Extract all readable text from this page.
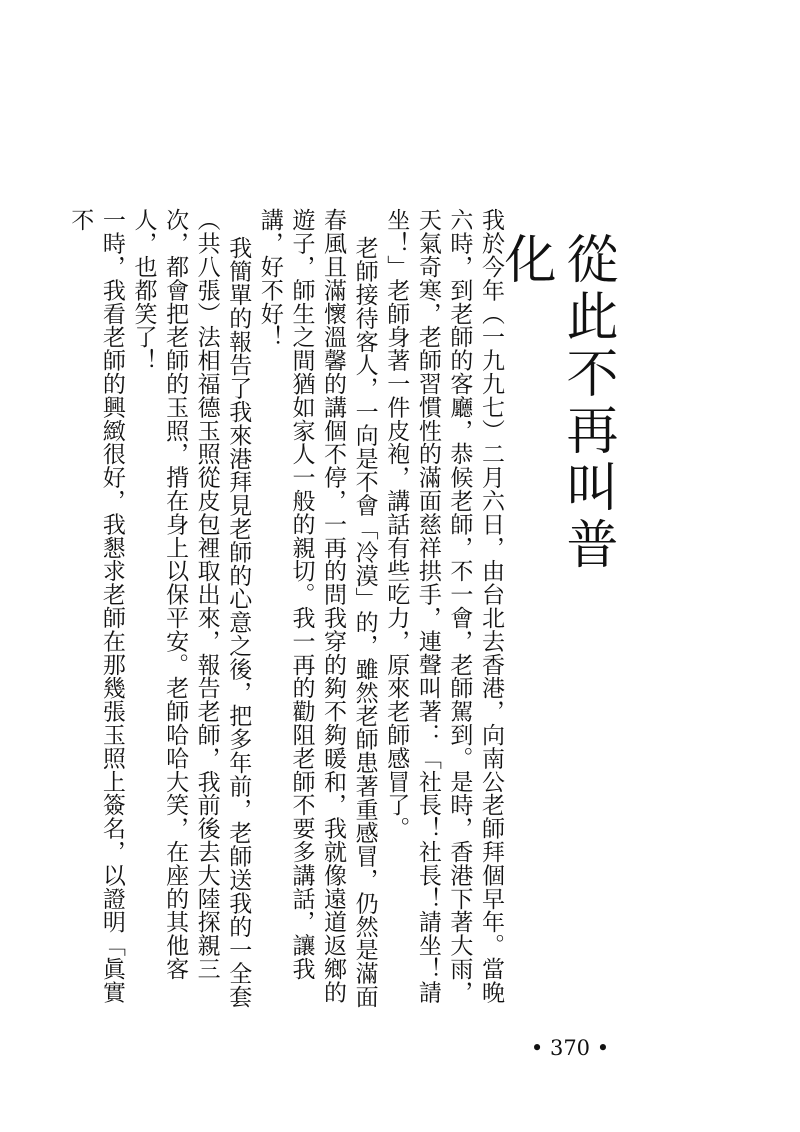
從此不再叫普化

我於今年（一九九七）二月六日，由台北去香港，向南公老師拜個早年。當晚六時，到老師的客廳，恭候老師，不一會，老師駕到。是時，香港下著大雨，天氣奇寒，老師習慣性的滿面慈祥拱手，連聲叫著：「社長！社長！請坐！請坐！」老師身著一件皮袍，講話有些吃力，原來老師感冒了。

老師接待客人，一向是不會「冷漠」的，雖然老師患著重感冒，仍然是滿面春風且滿懷溫馨的講個不停，一再的問我穿的夠不夠暖和，我就像遠道返鄉的遊子，師生之間猶如家人一般的親切。我一再的勸阻老師不要多講話，讓我講，好不好！

我簡單的報告了我來港拜見老師的心意之後，把多年前，老師送我的一全套（共八張）法相福德玉照從皮包裡取出來，報告老師，我前後去大陸探親三次，都會把老師的玉照，揹在身上以保平安。老師哈哈大笑，在座的其他客人，也都笑了！

一時，我看老師的興緻很好，我懇求老師在那幾張玉照上簽名，以證明「眞實不

• 370 •
